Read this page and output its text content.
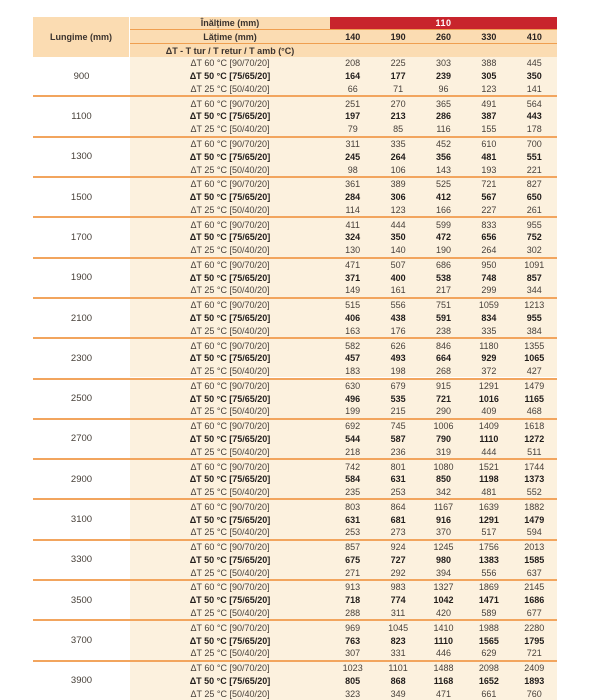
Lungime (mm)
Înălțime (mm)	110
Lățime (mm)	140	190	260	330	410
ΔT - T tur / T retur / T amb (°C)
900
ΔT 60 °C [90/70/20]	208	225	303	388	445
ΔT 50 °C [75/65/20]	164	177	239	305	350
ΔT 25 °C [50/40/20]	66	71	96	123	141
1100
ΔT 60 °C [90/70/20]	251	270	365	491	564
ΔT 50 °C [75/65/20]	197	213	286	387	443
ΔT 25 °C [50/40/20]	79	85	116	155	178
1300
ΔT 60 °C [90/70/20]	311	335	452	610	700
ΔT 50 °C [75/65/20]	245	264	356	481	551
ΔT 25 °C [50/40/20]	98	106	143	193	221
1500
ΔT 60 °C [90/70/20]	361	389	525	721	827
ΔT 50 °C [75/65/20]	284	306	412	567	650
ΔT 25 °C [50/40/20]	114	123	166	227	261
1700
ΔT 60 °C [90/70/20]	411	444	599	833	955
ΔT 50 °C [75/65/20]	324	350	472	656	752
ΔT 25 °C [50/40/20]	130	140	190	264	302
1900
ΔT 60 °C [90/70/20]	471	507	686	950	1091
ΔT 50 °C [75/65/20]	371	400	538	748	857
ΔT 25 °C [50/40/20]	149	161	217	299	344
2100
ΔT 60 °C [90/70/20]	515	556	751	1059	1213
ΔT 50 °C [75/65/20]	406	438	591	834	955
ΔT 25 °C [50/40/20]	163	176	238	335	384
2300
ΔT 60 °C [90/70/20]	582	626	846	1180	1355
ΔT 50 °C [75/65/20]	457	493	664	929	1065
ΔT 25 °C [50/40/20]	183	198	268	372	427
2500
ΔT 60 °C [90/70/20]	630	679	915	1291	1479
ΔT 50 °C [75/65/20]	496	535	721	1016	1165
ΔT 25 °C [50/40/20]	199	215	290	409	468
2700
ΔT 60 °C [90/70/20]	692	745	1006	1409	1618
ΔT 50 °C [75/65/20]	544	587	790	1110	1272
ΔT 25 °C [50/40/20]	218	236	319	444	511
2900
ΔT 60 °C [90/70/20]	742	801	1080	1521	1744
ΔT 50 °C [75/65/20]	584	631	850	1198	1373
ΔT 25 °C [50/40/20]	235	253	342	481	552
3100
ΔT 60 °C [90/70/20]	803	864	1167	1639	1882
ΔT 50 °C [75/65/20]	631	681	916	1291	1479
ΔT 25 °C [50/40/20]	253	273	370	517	594
3300
ΔT 60 °C [90/70/20]	857	924	1245	1756	2013
ΔT 50 °C [75/65/20]	675	727	980	1383	1585
ΔT 25 °C [50/40/20]	271	292	394	556	637
3500
ΔT 60 °C [90/70/20]	913	983	1327	1869	2145
ΔT 50 °C [75/65/20]	718	774	1042	1471	1686
ΔT 25 °C [50/40/20]	288	311	420	589	677
3700
ΔT 60 °C [90/70/20]	969	1045	1410	1988	2280
ΔT 50 °C [75/65/20]	763	823	1110	1565	1795
ΔT 25 °C [50/40/20]	307	331	446	629	721
3900
ΔT 60 °C [90/70/20]	1023	1101	1488	2098	2409
ΔT 50 °C [75/65/20]	805	868	1168	1652	1893
ΔT 25 °C [50/40/20]	323	349	471	661	760
